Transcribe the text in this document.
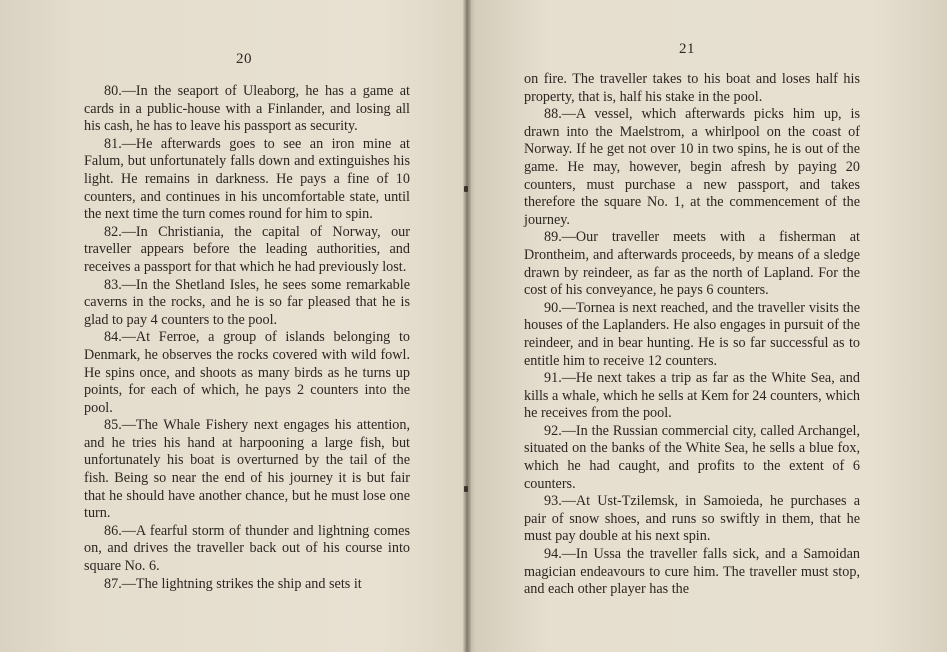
20

80.—In the seaport of Uleaborg, he has a game at cards in a public-house with a Finlander, and losing all his cash, he has to leave his passport as security.

81.—He afterwards goes to see an iron mine at Falum, but unfortunately falls down and extinguishes his light. He remains in darkness. He pays a fine of 10 counters, and continues in his uncomfortable state, until the next time the turn comes round for him to spin.

82.—In Christiania, the capital of Norway, our traveller appears before the leading authorities, and receives a passport for that which he had previously lost.

83.—In the Shetland Isles, he sees some remarkable caverns in the rocks, and he is so far pleased that he is glad to pay 4 counters to the pool.

84.—At Ferroe, a group of islands belonging to Denmark, he observes the rocks covered with wild fowl. He spins once, and shoots as many birds as he turns up points, for each of which, he pays 2 counters into the pool.

85.—The Whale Fishery next engages his attention, and he tries his hand at harpooning a large fish, but unfortunately his boat is overturned by the tail of the fish. Being so near the end of his journey it is but fair that he should have another chance, but he must lose one turn.

86.—A fearful storm of thunder and lightning comes on, and drives the traveller back out of his course into square No. 6.

87.—The lightning strikes the ship and sets it

21

on fire. The traveller takes to his boat and loses half his property, that is, half his stake in the pool.

88.—A vessel, which afterwards picks him up, is drawn into the Maelstrom, a whirlpool on the coast of Norway. If he get not over 10 in two spins, he is out of the game. He may, however, begin afresh by paying 20 counters, must purchase a new passport, and takes therefore the square No. 1, at the commencement of the journey.

89.—Our traveller meets with a fisherman at Drontheim, and afterwards proceeds, by means of a sledge drawn by reindeer, as far as the north of Lapland. For the cost of his conveyance, he pays 6 counters.

90.—Tornea is next reached, and the traveller visits the houses of the Laplanders. He also engages in pursuit of the reindeer, and in bear hunting. He is so far successful as to entitle him to receive 12 counters.

91.—He next takes a trip as far as the White Sea, and kills a whale, which he sells at Kem for 24 counters, which he receives from the pool.

92.—In the Russian commercial city, called Archangel, situated on the banks of the White Sea, he sells a blue fox, which he had caught, and profits to the extent of 6 counters.

93.—At Ust-Tzilemsk, in Samoieda, he purchases a pair of snow shoes, and runs so swiftly in them, that he must pay double at his next spin.

94.—In Ussa the traveller falls sick, and a Samoidan magician endeavours to cure him. The traveller must stop, and each other player has the
